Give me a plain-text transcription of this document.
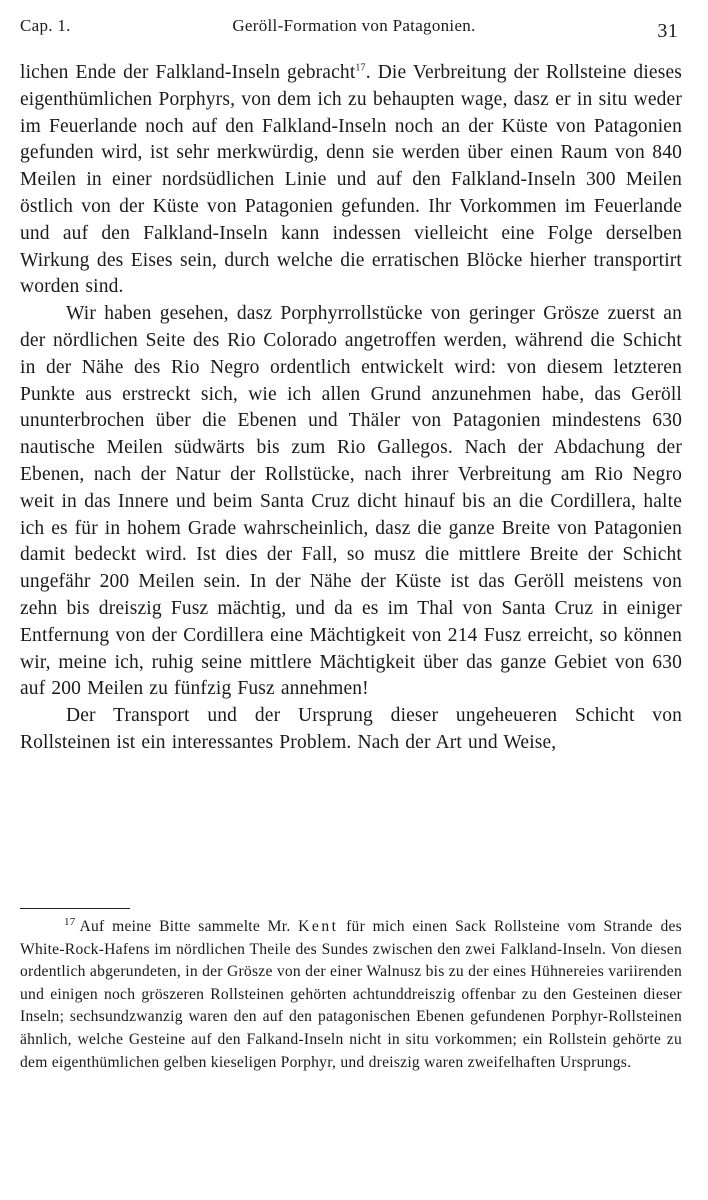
Cap. 1.	Geröll-Formation von Patagonien.	31

lichen Ende der Falkland-Inseln gebracht$^{17}$. Die Verbreitung der Rollsteine dieses eigenthümlichen Porphyrs, von dem ich zu behaupten wage, dasz er in situ weder im Feuerlande noch auf den Falkland-Inseln noch an der Küste von Patagonien gefunden wird, ist sehr merkwürdig, denn sie werden über einen Raum von 840 Meilen in einer nordsüdlichen Linie und auf den Falkland-Inseln 300 Meilen östlich von der Küste von Patagonien gefunden. Ihr Vorkommen im Feuerlande und auf den Falkland-Inseln kann indessen vielleicht eine Folge derselben Wirkung des Eises sein, durch welche die erratischen Blöcke hierher transportirt worden sind.

Wir haben gesehen, dasz Porphyrrollstücke von geringer Grösze zuerst an der nördlichen Seite des Rio Colorado angetroffen werden, während die Schicht in der Nähe des Rio Negro ordentlich entwickelt wird: von diesem letzteren Punkte aus erstreckt sich, wie ich allen Grund anzunehmen habe, das Geröll ununterbrochen über die Ebenen und Thäler von Patagonien mindestens 630 nautische Meilen südwärts bis zum Rio Gallegos. Nach der Abdachung der Ebenen, nach der Natur der Rollstücke, nach ihrer Verbreitung am Rio Negro weit in das Innere und beim Santa Cruz dicht hinauf bis an die Cordillera, halte ich es für in hohem Grade wahrscheinlich, dasz die ganze Breite von Patagonien damit bedeckt wird. Ist dies der Fall, so musz die mittlere Breite der Schicht ungefähr 200 Meilen sein. In der Nähe der Küste ist das Geröll meistens von zehn bis dreiszig Fusz mächtig, und da es im Thal von Santa Cruz in einiger Entfernung von der Cordillera eine Mächtigkeit von 214 Fusz erreicht, so können wir, meine ich, ruhig seine mittlere Mächtigkeit über das ganze Gebiet von 630 auf 200 Meilen zu fünfzig Fusz annehmen!

Der Transport und der Ursprung dieser ungeheueren Schicht von Rollsteinen ist ein interessantes Problem. Nach der Art und Weise,

$^{17}$ Auf meine Bitte sammelte Mr. Kent für mich einen Sack Rollsteine vom Strande des White-Rock-Hafens im nördlichen Theile des Sundes zwischen den zwei Falkland-Inseln. Von diesen ordentlich abgerundeten, in der Grösze von der einer Walnusz bis zu der eines Hühnereies variirenden und einigen noch gröszeren Rollsteinen gehörten achtunddreiszig offenbar zu den Gesteinen dieser Inseln; sechsundzwanzig waren den auf den patagonischen Ebenen gefundenen Porphyr-Rollsteinen ähnlich, welche Gesteine auf den Falkand-Inseln nicht in situ vorkommen; ein Rollstein gehörte zu dem eigenthümlichen gelben kieseligen Porphyr, und dreiszig waren zweifelhaften Ursprungs.
